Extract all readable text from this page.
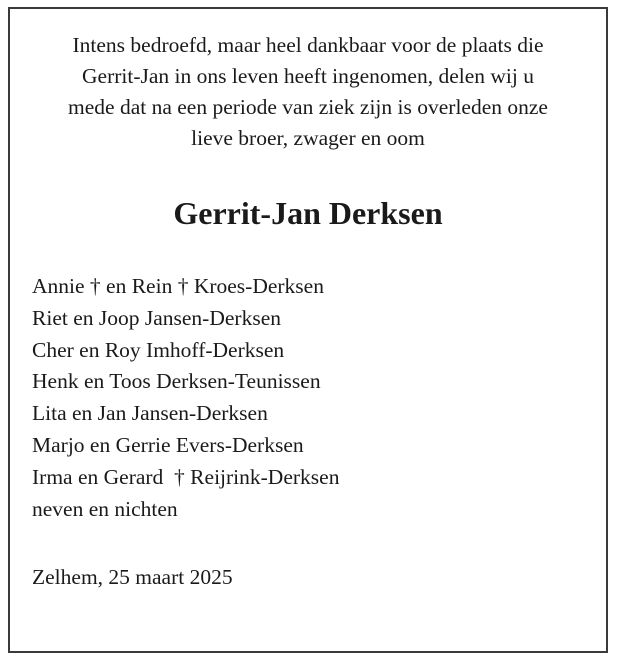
Intens bedroefd, maar heel dankbaar voor de plaats die
Gerrit-Jan in ons leven heeft ingenomen, delen wij u
mede dat na een periode van ziek zijn is overleden onze
lieve broer, zwager en oom
Gerrit-Jan Derksen
Annie † en Rein † Kroes-Derksen
Riet en Joop Jansen-Derksen
Cher en Roy Imhoff-Derksen
Henk en Toos Derksen-Teunissen
Lita en Jan Jansen-Derksen
Marjo en Gerrie Evers-Derksen
Irma en Gerard  † Reijrink-Derksen
neven en nichten
Zelhem, 25 maart 2025
